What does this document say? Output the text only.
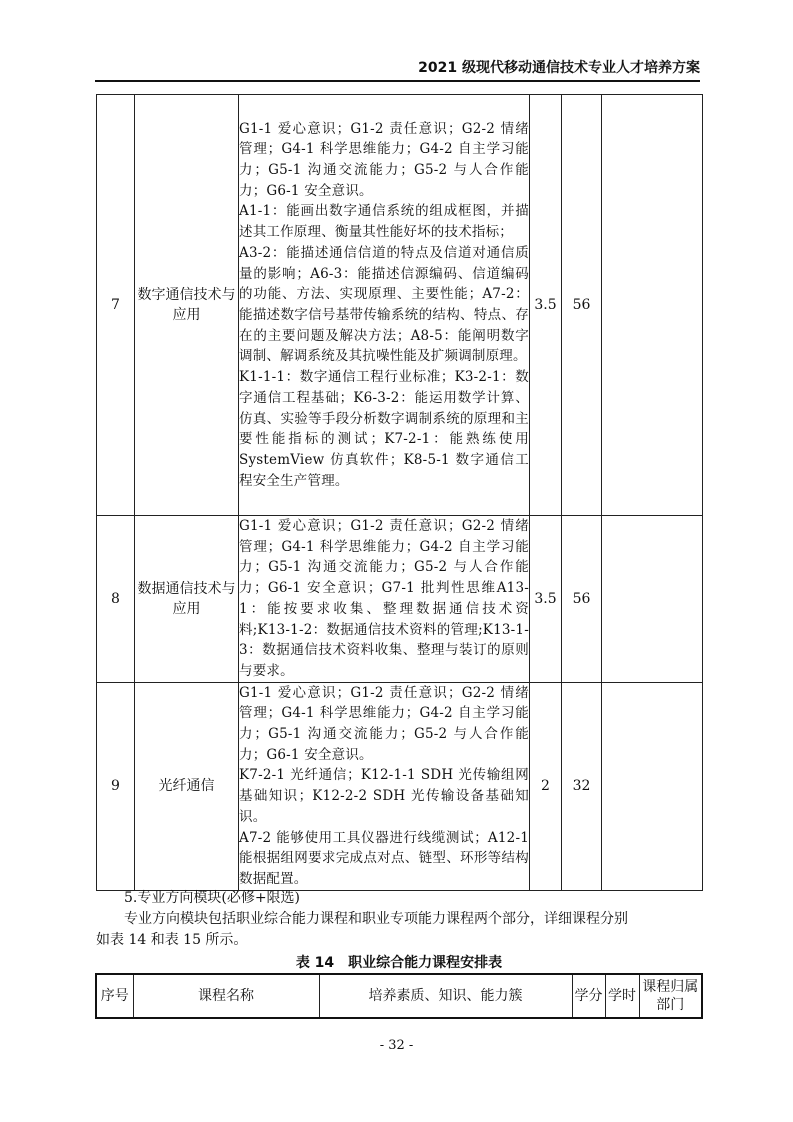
2021 级现代移动通信技术专业人才培养方案
7	数字通信技术与应用	G1-1 爱心意识；G1-2 责任意识；G2-2 情绪管理；G4-1 科学思维能力；G4-2 自主学习能力；G5-1 沟通交流能力；G5-2 与人合作能力；G6-1 安全意识。

A1-1：能画出数字通信系统的组成框图，并描述其工作原理、衡量其性能好坏的技术指标；

A3-2：能描述通信信道的特点及信道对通信质量的影响；A6-3：能描述信源编码、信道编码的功能、方法、实现原理、主要性能；A7-2：能描述数字信号基带传输系统的结构、特点、存在的主要问题及解决方法；A8-5：能阐明数字调制、解调系统及其抗噪性能及扩频调制原理。

K1-1-1：数字通信工程行业标准；K3-2-1：数字通信工程基础；K6-3-2：能运用数学计算、仿真、实验等手段分析数字调制系统的原理和主要性能指标的测试；K7-2-1：能熟练使用 SystemView 仿真软件；K8-5-1 数字通信工程安全生产管理。	3.5	56	
8	数据通信技术与应用	G1-1 爱心意识；G1-2 责任意识；G2-2 情绪管理；G4-1 科学思维能力；G4-2 自主学习能力；G5-1 沟通交流能力；G5-2 与人合作能力；G6-1 安全意识；G7-1 批判性思维A13-1：能按要求收集、整理数据通信技术资料;K13-1-2：数据通信技术资料的管理;K13-1-3：数据通信技术资料收集、整理与装订的原则与要求。	3.5	56	
9	光纤通信	G1-1 爱心意识；G1-2 责任意识；G2-2 情绪管理；G4-1 科学思维能力；G4-2 自主学习能力；G5-1 沟通交流能力；G5-2 与人合作能力；G6-1 安全意识。

K7-2-1 光纤通信；K12-1-1 SDH 光传输组网基础知识；K12-2-2 SDH 光传输设备基础知识。

A7-2 能够使用工具仪器进行线缆测试；A12-1 能根据组网要求完成点对点、链型、环形等结构数据配置。	2	32	
5.专业方向模块(必修+限选)
专业方向模块包括职业综合能力课程和职业专项能力课程两个部分，详细课程分别
如表 14 和表 15 所示。
表 14　职业综合能力课程安排表
序号	课程名称	培养素质、知识、能力簇	学分	学时	课程归属部门
- 32 -
